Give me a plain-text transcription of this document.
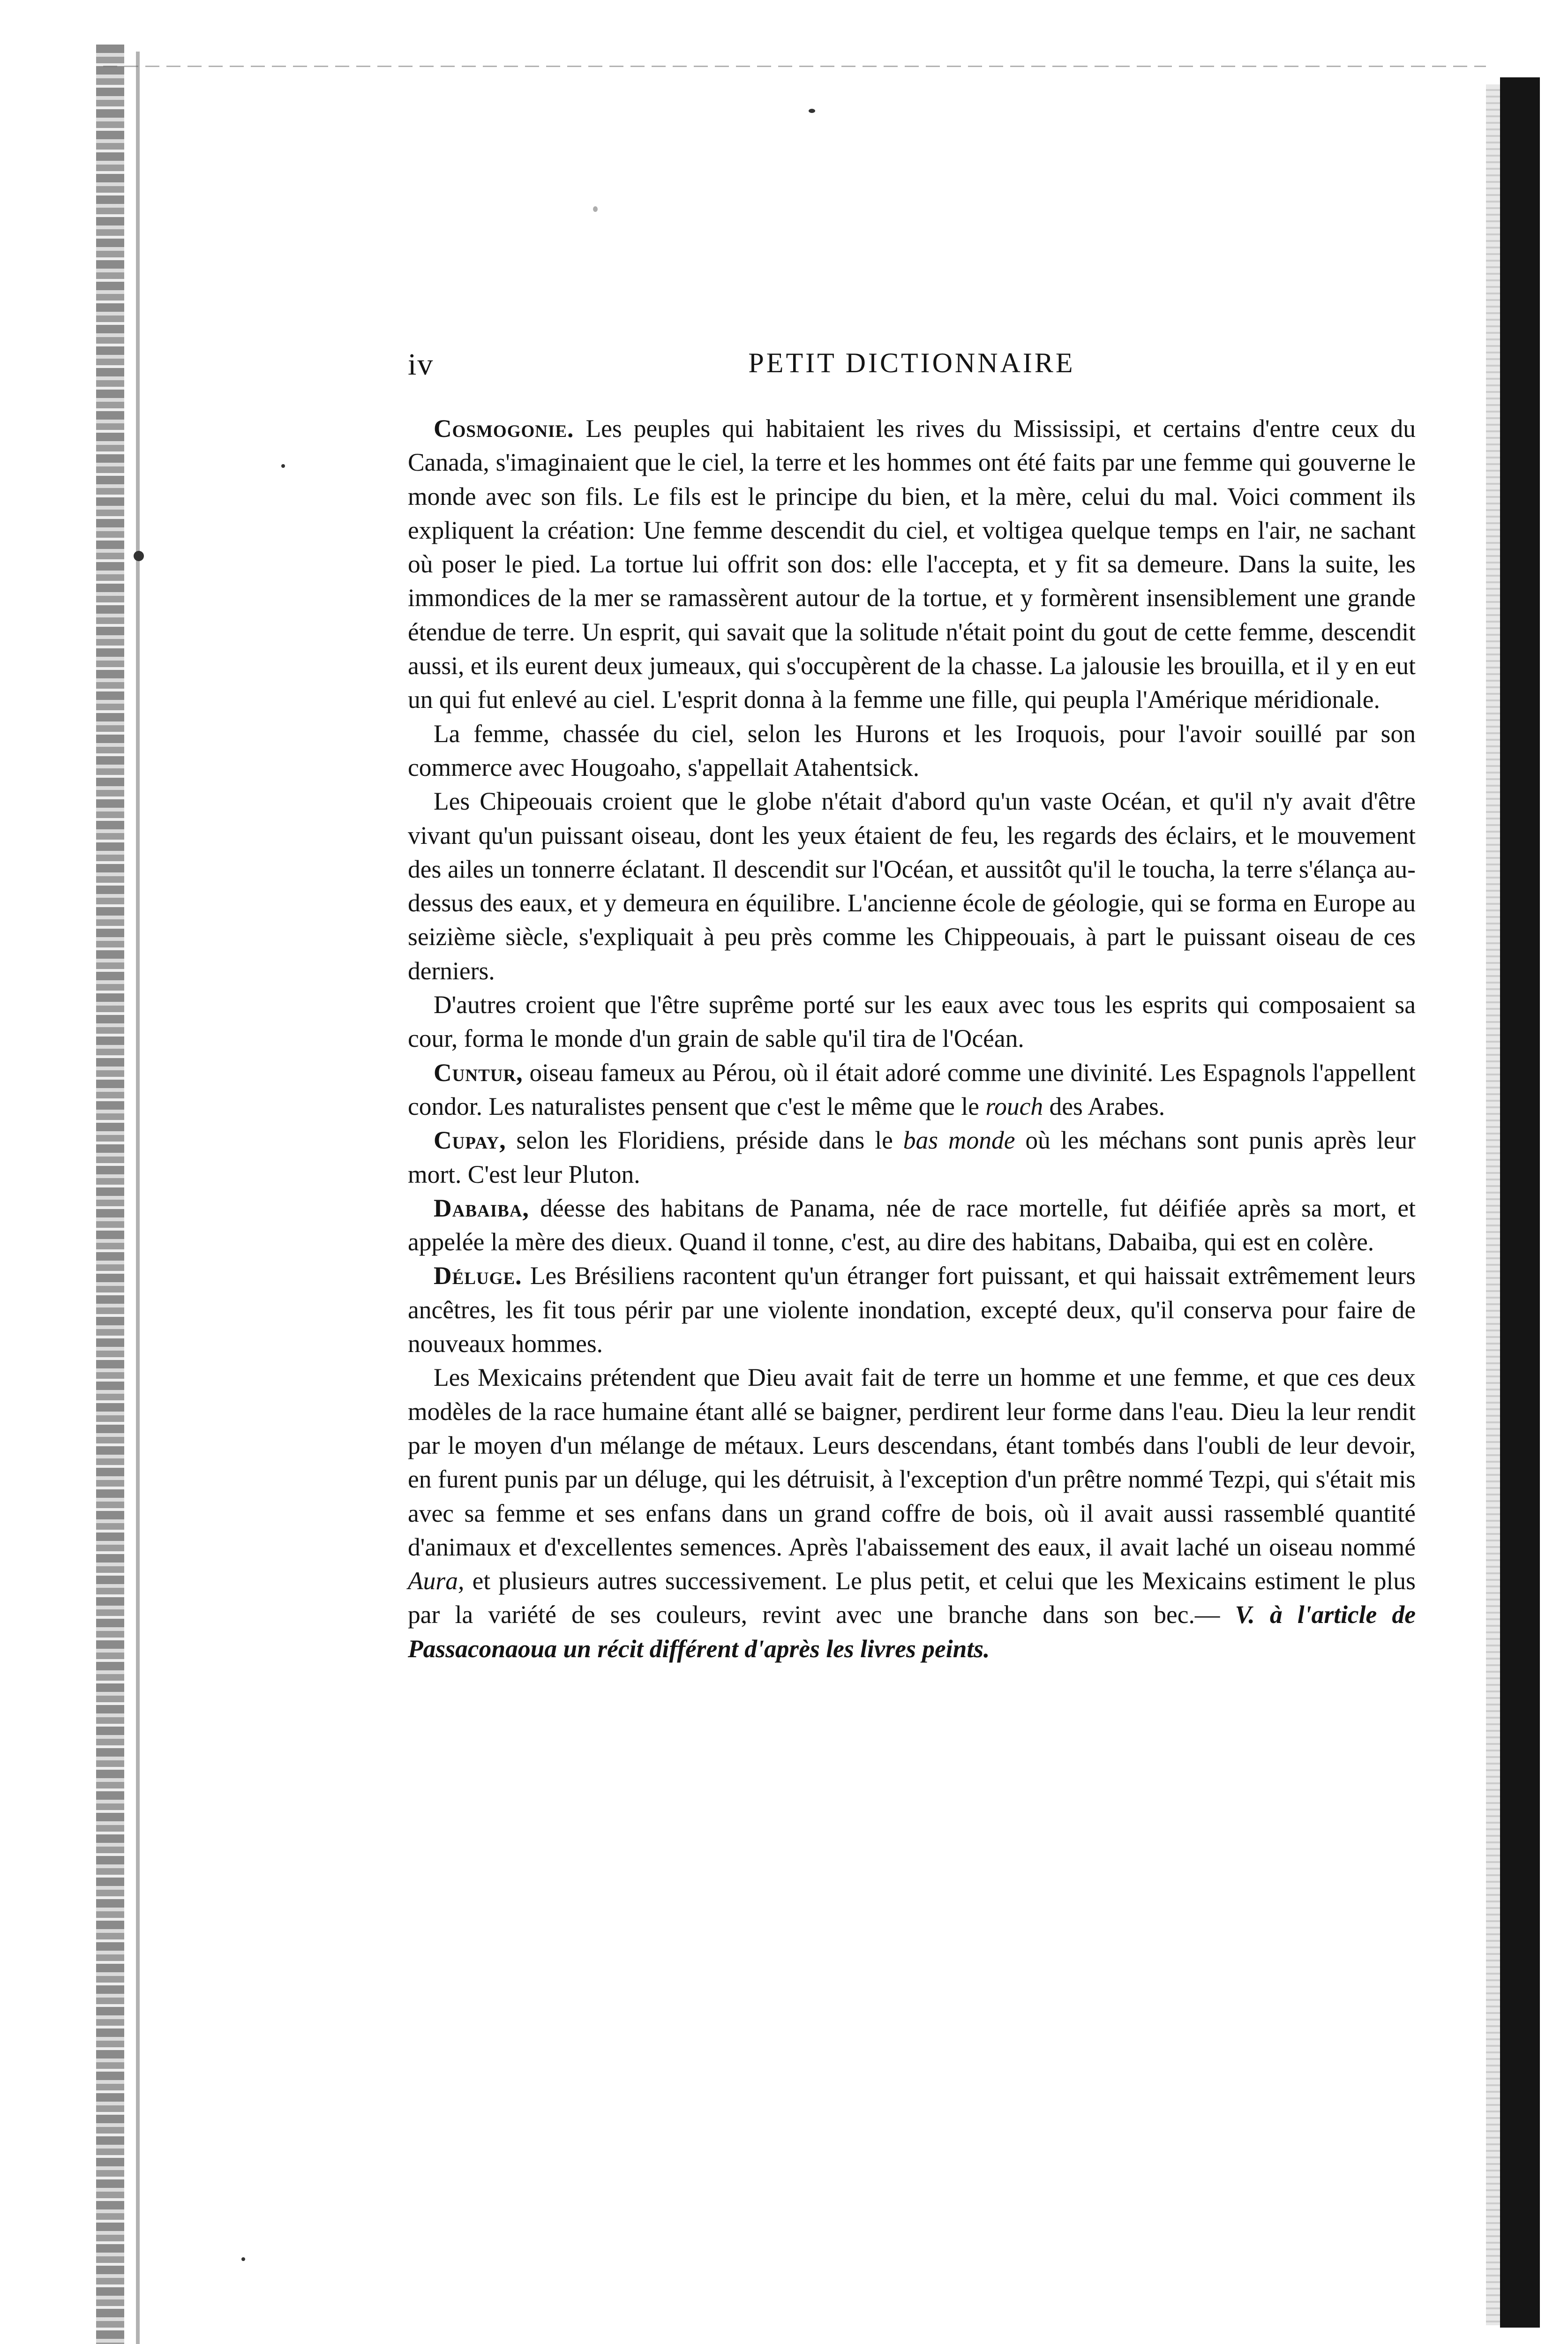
iv	PETIT DICTIONNAIRE

Cosmogonie. Les peuples qui habitaient les rives du Mississipi, et certains d'entre ceux du Canada, s'imaginaient que le ciel, la terre et les hommes ont été faits par une femme qui gouverne le monde avec son fils. Le fils est le principe du bien, et la mère, celui du mal. Voici comment ils expliquent la création: Une femme descendit du ciel, et voltigea quelque temps en l'air, ne sachant où poser le pied. La tortue lui offrit son dos: elle l'accepta, et y fit sa demeure. Dans la suite, les immondices de la mer se ramassèrent autour de la tortue, et y formèrent insensiblement une grande étendue de terre. Un esprit, qui savait que la solitude n'était point du gout de cette femme, descendit aussi, et ils eurent deux jumeaux, qui s'occupèrent de la chasse. La jalousie les brouilla, et il y en eut un qui fut enlevé au ciel. L'esprit donna à la femme une fille, qui peupla l'Amérique méridionale.

La femme, chassée du ciel, selon les Hurons et les Iroquois, pour l'avoir souillé par son commerce avec Hougoaho, s'appellait Atahentsick.

Les Chipeouais croient que le globe n'était d'abord qu'un vaste Océan, et qu'il n'y avait d'être vivant qu'un puissant oiseau, dont les yeux étaient de feu, les regards des éclairs, et le mouvement des ailes un tonnerre éclatant. Il descendit sur l'Océan, et aussitôt qu'il le toucha, la terre s'élança au-dessus des eaux, et y demeura en équilibre. L'ancienne école de géologie, qui se forma en Europe au seizième siècle, s'expliquait à peu près comme les Chippeouais, à part le puissant oiseau de ces derniers.

D'autres croient que l'être suprême porté sur les eaux avec tous les esprits qui composaient sa cour, forma le monde d'un grain de sable qu'il tira de l'Océan.

Cuntur, oiseau fameux au Pérou, où il était adoré comme une divinité. Les Espagnols l'appellent condor. Les naturalistes pensent que c'est le même que le rouch des Arabes.

Cupay, selon les Floridiens, préside dans le bas monde où les méchans sont punis après leur mort. C'est leur Pluton.

Dabaiba, déesse des habitans de Panama, née de race mortelle, fut déifiée après sa mort, et appelée la mère des dieux. Quand il tonne, c'est, au dire des habitans, Dabaiba, qui est en colère.

Déluge. Les Brésiliens racontent qu'un étranger fort puissant, et qui haissait extrêmement leurs ancêtres, les fit tous périr par une violente inondation, excepté deux, qu'il conserva pour faire de nouveaux hommes.

Les Mexicains prétendent que Dieu avait fait de terre un homme et une femme, et que ces deux modèles de la race humaine étant allé se baigner, perdirent leur forme dans l'eau. Dieu la leur rendit par le moyen d'un mélange de métaux. Leurs descendans, étant tombés dans l'oubli de leur devoir, en furent punis par un déluge, qui les détruisit, à l'exception d'un prêtre nommé Tezpi, qui s'était mis avec sa femme et ses enfans dans un grand coffre de bois, où il avait aussi rassemblé quantité d'animaux et d'excellentes semences. Après l'abaissement des eaux, il avait laché un oiseau nommé Aura, et plusieurs autres successivement. Le plus petit, et celui que les Mexicains estiment le plus par la variété de ses couleurs, revint avec une branche dans son bec.— V. à l'article de Passaconaoua un récit différent d'après les livres peints.
